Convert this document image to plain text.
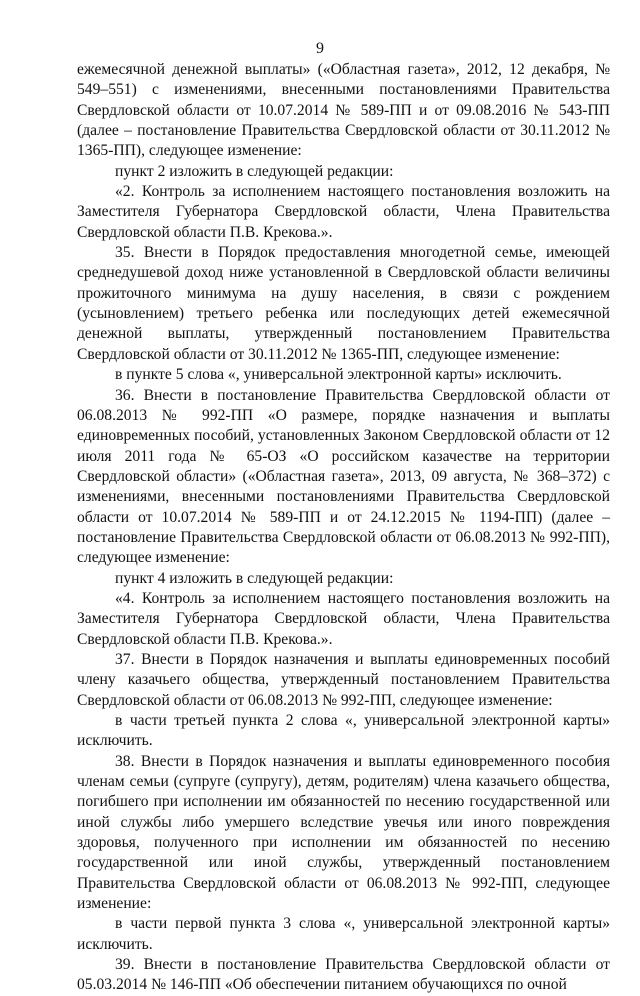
9

ежемесячной денежной выплаты» («Областная газета», 2012, 12 декабря, № 549–551) с изменениями, внесенными постановлениями Правительства Свердловской области от 10.07.2014 № 589-ПП и от 09.08.2016 № 543-ПП (далее – постановление Правительства Свердловской области от 30.11.2012 № 1365-ПП), следующее изменение:

пункт 2 изложить в следующей редакции:

«2. Контроль за исполнением настоящего постановления возложить на Заместителя Губернатора Свердловской области, Члена Правительства Свердловской области П.В. Крекова.».

35. Внести в Порядок предоставления многодетной семье, имеющей среднедушевой доход ниже установленной в Свердловской области величины прожиточного минимума на душу населения, в связи с рождением (усыновлением) третьего ребенка или последующих детей ежемесячной денежной выплаты, утвержденный постановлением Правительства Свердловской области от 30.11.2012 № 1365-ПП, следующее изменение:

в пункте 5 слова «, универсальной электронной карты» исключить.

36. Внести в постановление Правительства Свердловской области от 06.08.2013 № 992-ПП «О размере, порядке назначения и выплаты единовременных пособий, установленных Законом Свердловской области от 12 июля 2011 года № 65-ОЗ «О российском казачестве на территории Свердловской области» («Областная газета», 2013, 09 августа, № 368–372) с изменениями, внесенными постановлениями Правительства Свердловской области от 10.07.2014 № 589-ПП и от 24.12.2015 № 1194-ПП) (далее – постановление Правительства Свердловской области от 06.08.2013 № 992-ПП), следующее изменение:

пункт 4 изложить в следующей редакции:

«4. Контроль за исполнением настоящего постановления возложить на Заместителя Губернатора Свердловской области, Члена Правительства Свердловской области П.В. Крекова.».

37. Внести в Порядок назначения и выплаты единовременных пособий члену казачьего общества, утвержденный постановлением Правительства Свердловской области от 06.08.2013 № 992-ПП, следующее изменение:

в части третьей пункта 2 слова «, универсальной электронной карты» исключить.

38. Внести в Порядок назначения и выплаты единовременного пособия членам семьи (супруге (супругу), детям, родителям) члена казачьего общества, погибшего при исполнении им обязанностей по несению государственной или иной службы либо умершего вследствие увечья или иного повреждения здоровья, полученного при исполнении им обязанностей по несению государственной или иной службы, утвержденный постановлением Правительства Свердловской области от 06.08.2013 № 992-ПП, следующее изменение:

в части первой пункта 3 слова «, универсальной электронной карты» исключить.

39. Внести в постановление Правительства Свердловской области от 05.03.2014 № 146-ПП «Об обеспечении питанием обучающихся по очной
